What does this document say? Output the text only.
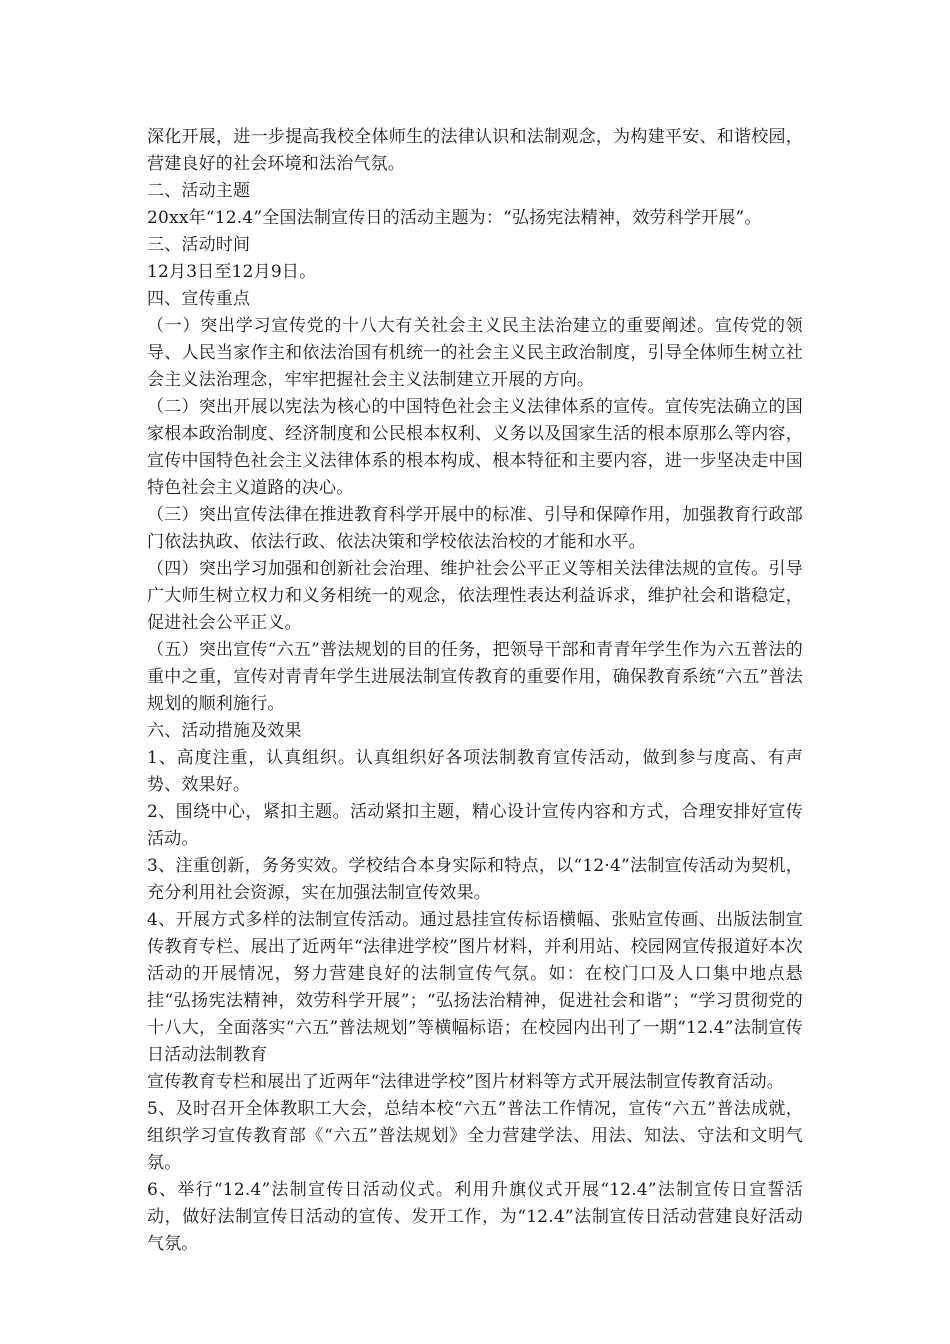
深化开展，进一步提高我校全体师生的法律认识和法制观念，为构建平安、和谐校园，营建良好的社会环境和法治气氛。

二、活动主题

20xx年“12.4”全国法制宣传日的活动主题为：“弘扬宪法精神，效劳科学开展”。

三、活动时间

12月3日至12月9日。

四、宣传重点

（一）突出学习宣传党的十八大有关社会主义民主法治建立的重要阐述。宣传党的领导、人民当家作主和依法治国有机统一的社会主义民主政治制度，引导全体师生树立社会主义法治理念，牢牢把握社会主义法制建立开展的方向。

（二）突出开展以宪法为核心的中国特色社会主义法律体系的宣传。宣传宪法确立的国家根本政治制度、经济制度和公民根本权利、义务以及国家生活的根本原那么等内容，宣传中国特色社会主义法律体系的根本构成、根本特征和主要内容，进一步坚决走中国特色社会主义道路的决心。

（三）突出宣传法律在推进教育科学开展中的标准、引导和保障作用，加强教育行政部门依法执政、依法行政、依法决策和学校依法治校的才能和水平。

（四）突出学习加强和创新社会治理、维护社会公平正义等相关法律法规的宣传。引导广大师生树立权力和义务相统一的观念，依法理性表达利益诉求，维护社会和谐稳定，促进社会公平正义。

（五）突出宣传“六五”普法规划的目的任务，把领导干部和青青年学生作为六五普法的重中之重，宣传对青青年学生进展法制宣传教育的重要作用，确保教育系统“六五”普法规划的顺利施行。

六、活动措施及效果

1、高度注重，认真组织。认真组织好各项法制教育宣传活动，做到参与度高、有声势、效果好。

2、围绕中心，紧扣主题。活动紧扣主题，精心设计宣传内容和方式，合理安排好宣传活动。

3、注重创新，务务实效。学校结合本身实际和特点，以“12·4”法制宣传活动为契机，充分利用社会资源，实在加强法制宣传效果。

4、开展方式多样的法制宣传活动。通过悬挂宣传标语横幅、张贴宣传画、出版法制宣传教育专栏、展出了近两年“法律进学校”图片材料，并利用站、校园网宣传报道好本次活动的开展情况，努力营建良好的法制宣传气氛。如：在校门口及人口集中地点悬挂“弘扬宪法精神，效劳科学开展”；“弘扬法治精神，促进社会和谐”；“学习贯彻党的十八大，全面落实“六五”普法规划”等横幅标语；在校园内出刊了一期“12.4”法制宣传日活动法制教育

宣传教育专栏和展出了近两年“法律进学校”图片材料等方式开展法制宣传教育活动。

5、及时召开全体教职工大会，总结本校“六五”普法工作情况，宣传“六五”普法成就，组织学习宣传教育部《“六五”普法规划》全力营建学法、用法、知法、守法和文明气氛。

6、举行“12.4”法制宣传日活动仪式。利用升旗仪式开展“12.4”法制宣传日宣誓活动，做好法制宣传日活动的宣传、发开工作，为“12.4”法制宣传日活动营建良好活动气氛。
